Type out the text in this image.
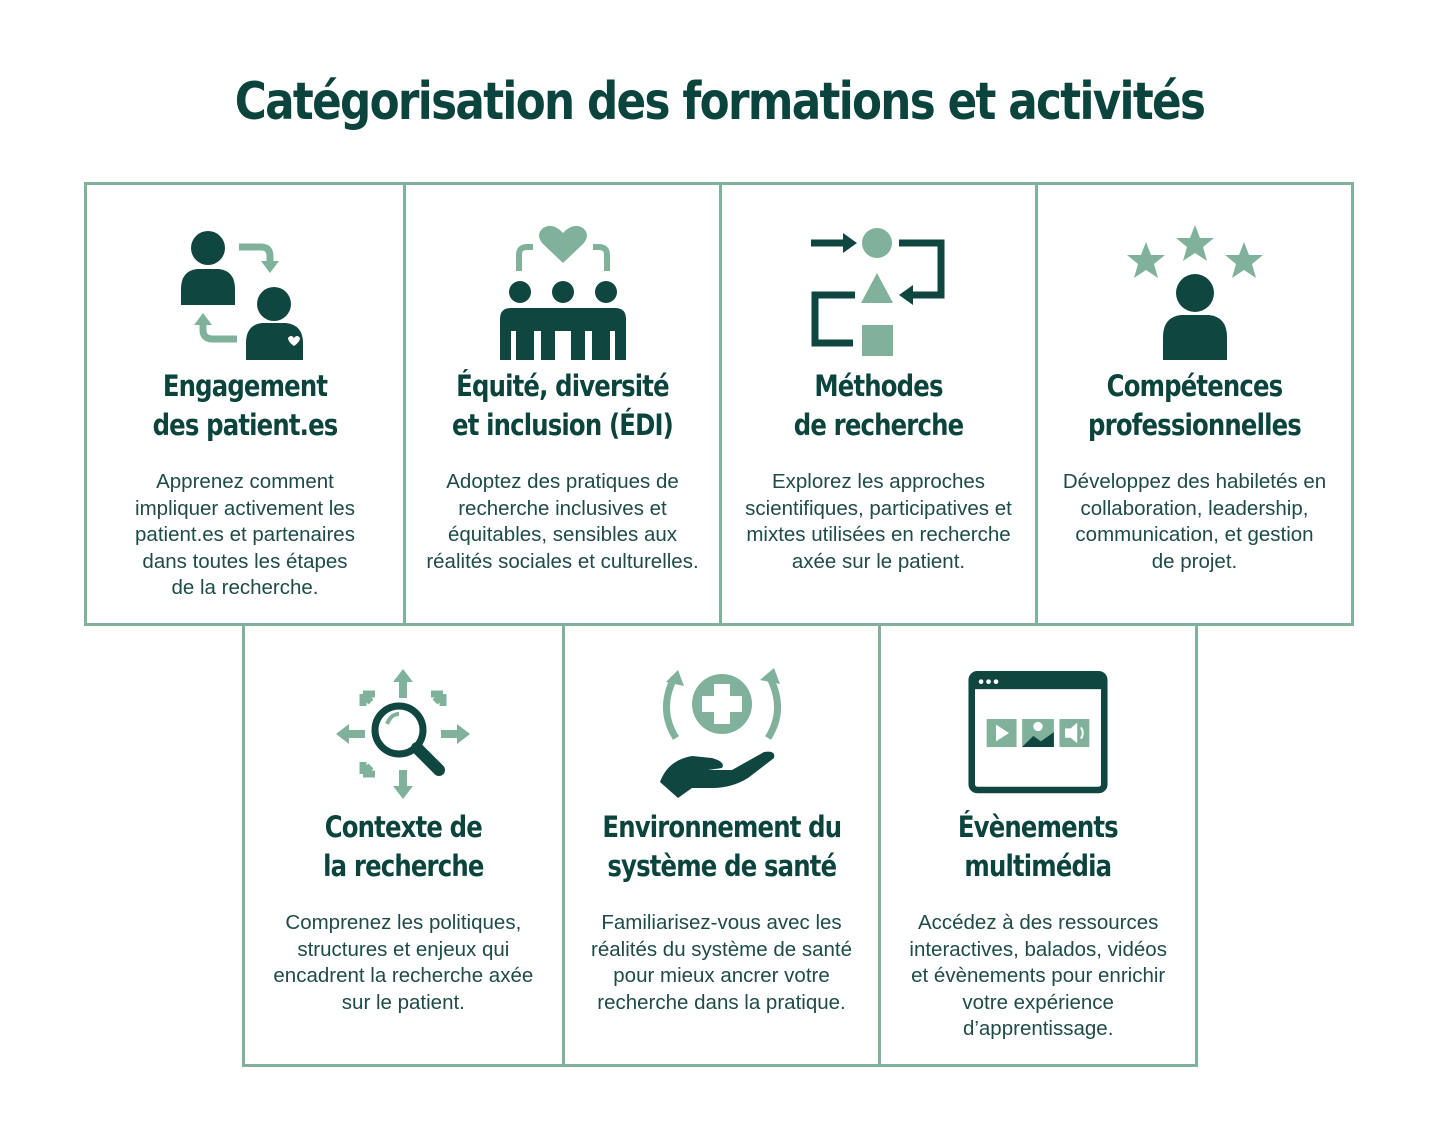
Catégorisation des formations et activités
Engagement
des patient.es
Apprenez comment
impliquer activement les
patient.es et partenaires
dans toutes les étapes
de la recherche.
Équité, diversité
et inclusion (ÉDI)
Adoptez des pratiques de
recherche inclusives et
équitables, sensibles aux
réalités sociales et culturelles.
Méthodes
de recherche
Explorez les approches
scientifiques, participatives et
mixtes utilisées en recherche
axée sur le patient.
Compétences
professionnelles
Développez des habiletés en
collaboration, leadership,
communication, et gestion
de projet.
Contexte de
la recherche
Comprenez les politiques,
structures et enjeux qui
encadrent la recherche axée
sur le patient.
Environnement du
système de santé
Familiarisez-vous avec les
réalités du système de santé
pour mieux ancrer votre
recherche dans la pratique.
Évènements
multimédia
Accédez à des ressources
interactives, balados, vidéos
et évènements pour enrichir
votre expérience
d’apprentissage.
